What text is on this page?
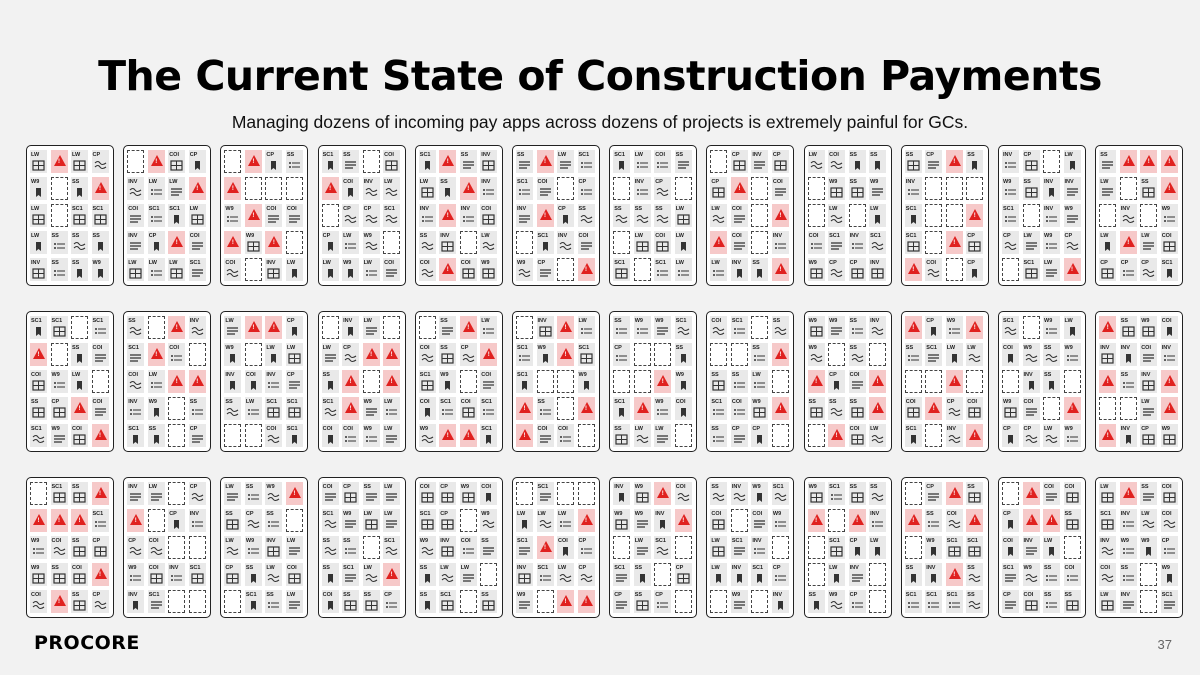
The Current State of Construction Payments
Managing dozens of incoming pay apps across dozens of projects is extremely painful for GCs.
LW
!
LW CP
W9	SS
!
LW	SC1 SC1
LW SS SS SS
INV SS SS W9
!
COI CP
INV LW LW
!
COI SC1 SC1 LW
INV CP
!
COI
LW LW LW SC1
!
CP SS
!
W9
!
COI COI
!
W9
!
COI	INV LW
SC1 SS	COI
!
COI INV LW
CP CP SC1
CP LW W9
LW W9 LW COI
SC1
!
SS INV
LW SS
!
INV
INV
!
INV COI
SS INV	LW
COI
!
COI W9
SS
!
LW SC1
SC1 COI	CP
INV
!
CP SS
SC1 INV COI
W9 CP
!
SC1 LW COI SS
INV CP
SS SS SS LW
LW COI LW
SC1	SC1 LW
CP INV CP
CP
!
COI
LW COI
!
!
COI	INV
LW INV SS
!
LW COI SS SS
W9 SS W9
LW	LW
COI SC1 INV SC1
W9 CP CP INV
SS CP
!
SS
INV
SC1
!
SC1
!
CP
!
COI	CP
INV CP	LW
W9 SS INV INV
SC1	INV W9
CP LW W9 CP
SC1 LW
!
SS
!	!	!
LW	SS
!
INV	W9
LW
!
LW COI
CP CP CP SC1
SC1 SC1	SC1
!
SS COI
COI W9 LW
SS CP
!
COI
SC1 W9 COI
!
SS
!
INV
SC1
!
COI
COI LW
!	!
INV W9	SS
SC1 SS	CP
LW
!	!
CP
W9	LW LW
INV COI INV CP
SS LW SC1 SC1
COI SC1
INV LW
LW CP
!	!
SS
!	!
SC1
!
W9 LW
COI COI W9 LW
SS
!
LW
COI SS CP
!
SC1 W9	COI
COI SC1 COI SC1
W9
!	!
SC1
INV
!
LW
SC1 W9
!
SC1
SC1	W9
!
SS
!
!
COI COI
SS W9 W9 SC1
CP	SS
!
W9
SC1
!
W9 COI
SS LW LW
COI SC1	SS
SS
!
SS SS LW
SC1 COI W9
!
SS CP CP
W9 W9 SS INV
W9	SS
!
CP COI
!
SS SS SS
!
!
COI LW
!
CP W9
!
SS SC1 LW LW
!
COI
!
CP COI
SC1	INV
!
SC1	W9 LW
COI W9 SS W9
INV SS
W9 COI
!
CP CP LW W9
!
SS W9 COI
INV INV COI INV
!
SS INV
!
LW
!
!
INV CP W9
SC1 SS
!
!	!	!
SC1
W9 COI SS CP
W9 SS COI
!
COI
!
SS CP
INV LW	CP
!
CP INV
CP COI
W9 COI INV SC1
INV SC1
LW SS W9
!
SS CP SS
LW W9 INV LW
CP SS LW COI
SC1 SS LW
COI CP SS LW
SC1 W9 LW LW
SS SS	SC1
SS SC1 LW
!
COI SS SS CP
COI CP W9 COI
SC1 CP	W9
W9 INV COI SS
SS LW LW
SS SC1	SS
SC1
LW LW LW
!
SC1
!
COI CP
INV SC1 LW CP
W9
!	!
INV W9
!
COI
W9 W9 INV
!
LW SC1
SC1 SS	CP
CP SS CP
SS INV W9 SC1
COI	COI W9
LW SC1 INV
LW INV SC1 CP
W9	INV
W9 SC1 SS SS
!	!
INV
SC1 CP LW
LW INV
SS W9 CP
CP
!
SS
!
SS COI
!
W9 SC1 SC1
SS INV
!
SS
SC1 SC1 SC1 SS
!
COI COI
CP
!	!
SS
COI INV LW
SC1 W9 SS COI
CP COI SS SS
LW
!
SS COI
SC1 INV LW COI
INV W9 W9 CP
COI SS	W9
LW INV	SC1
PROCORE	37
